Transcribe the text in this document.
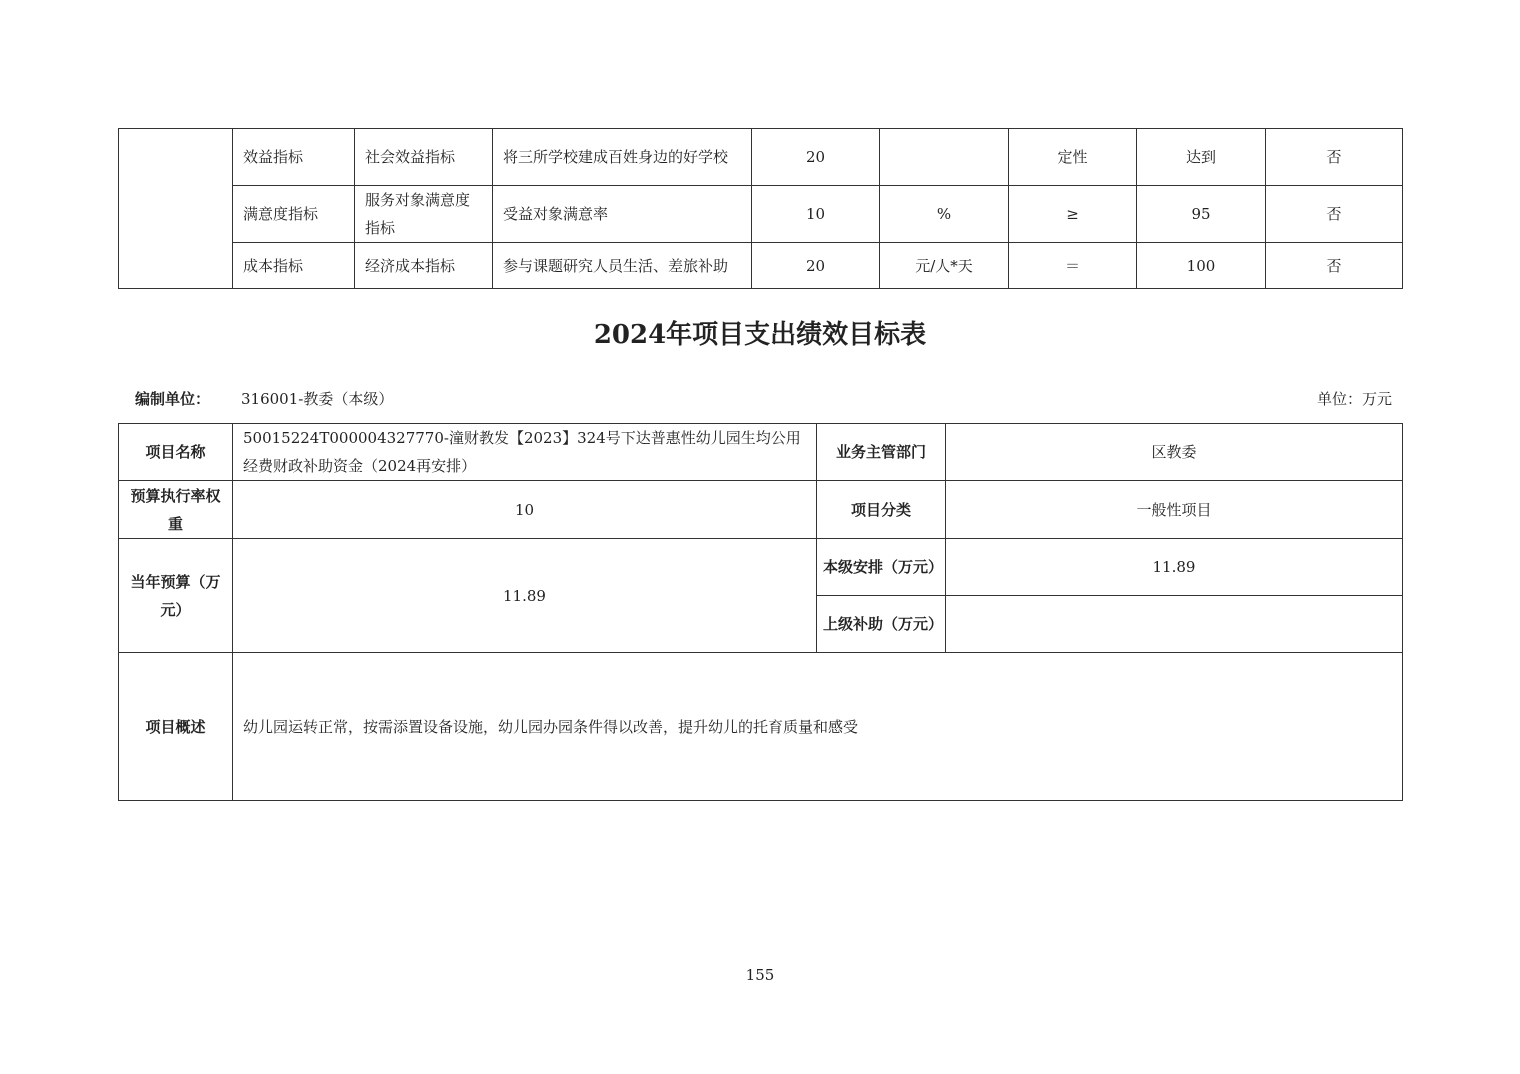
	效益指标	社会效益指标	将三所学校建成百姓身边的好学校	20		定性	达到	否
	满意度指标	服务对象满意度指标	受益对象满意率	10	%	≥	95	否
	成本指标	经济成本指标	参与课题研究人员生活、差旅补助	20	元/人*天	＝	100	否
2024年项目支出绩效目标表
编制单位： 316001-教委（本级）	单位：万元
项目名称	50015224T000004327770-潼财教发【2023】324号下达普惠性幼儿园生均公用经费财政补助资金（2024再安排）	业务主管部门	区教委
预算执行率权重	10	项目分类	一般性项目
当年预算（万元）	11.89	本级安排（万元）	11.89
		上级补助（万元）	
项目概述	幼儿园运转正常，按需添置设备设施，幼儿园办园条件得以改善，提升幼儿的托育质量和感受		
155
